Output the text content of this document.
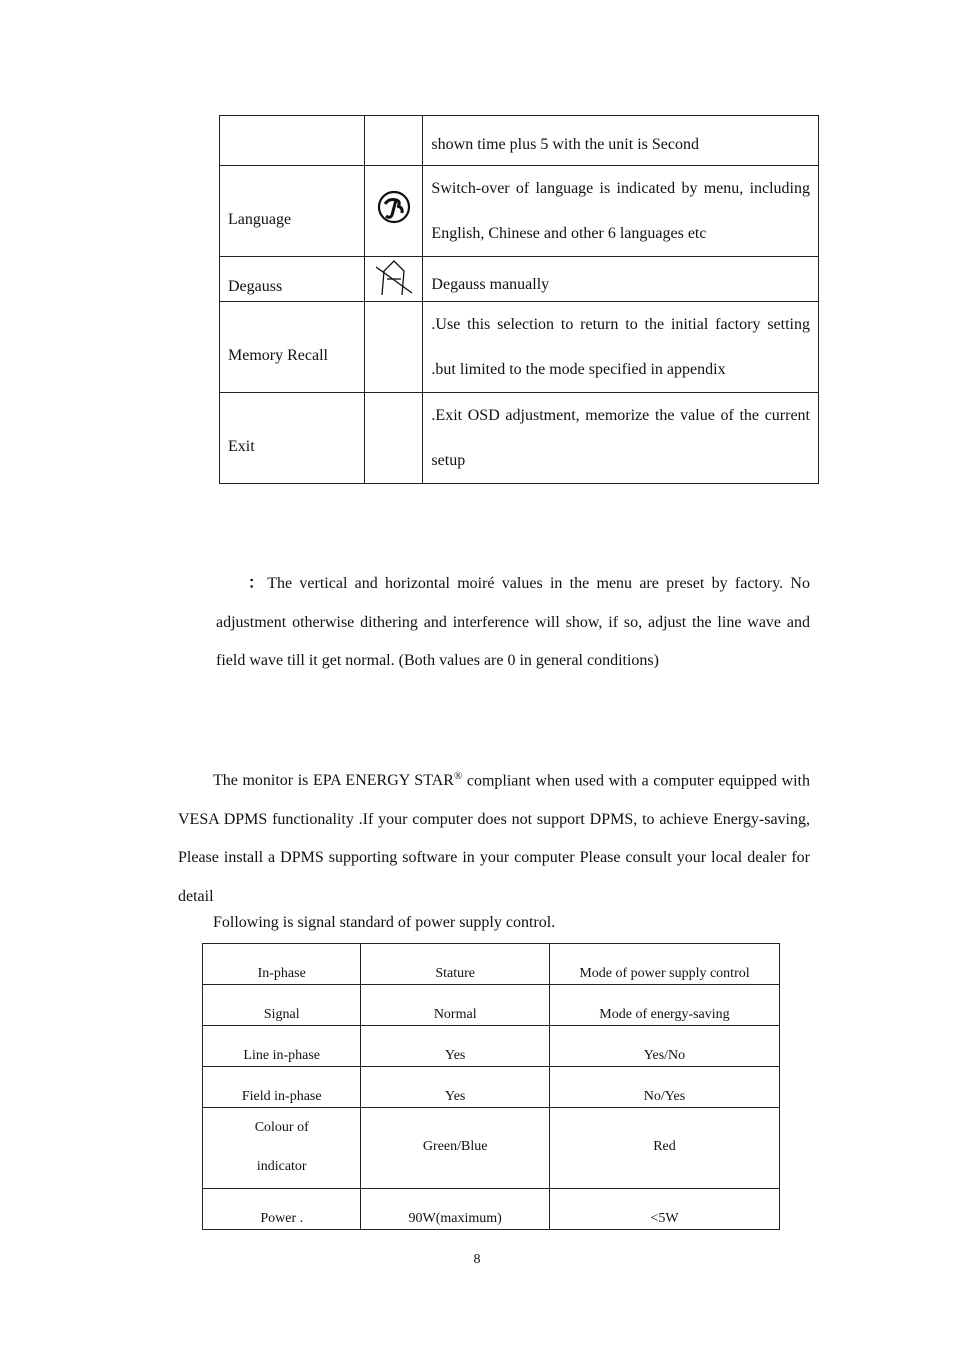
		shown time plus 5 with the unit is Second

Language		Switch-over of language is indicated by menu, including English, Chinese and other 6 languages etc
Degauss		Degauss manually

Memory Recall		.Use this selection to return to the initial factory setting .but limited to the mode specified in appendix

Exit		.Exit OSD adjustment, memorize the value of the current setup
：The vertical and horizontal moiré values in the menu are preset by factory. No adjustment otherwise dithering and interference will show, if so, adjust the line wave and field wave till it get normal. (Both values are 0 in general conditions)
The monitor is EPA ENERGY STAR® compliant when used with a computer equipped with VESA DPMS functionality .If your computer does not support DPMS, to achieve Energy-saving, Please install a DPMS supporting software in your computer Please consult your local dealer for detail
Following is signal standard of power supply control.
In-phase	Stature	Mode of power supply control
Signal	Normal	Mode of energy-saving
Line in-phase	Yes	Yes/No
Field in-phase	Yes	No/Yes
Colour of
indicator	Green/Blue	Red
Power .	90W(maximum)	<5W
8
